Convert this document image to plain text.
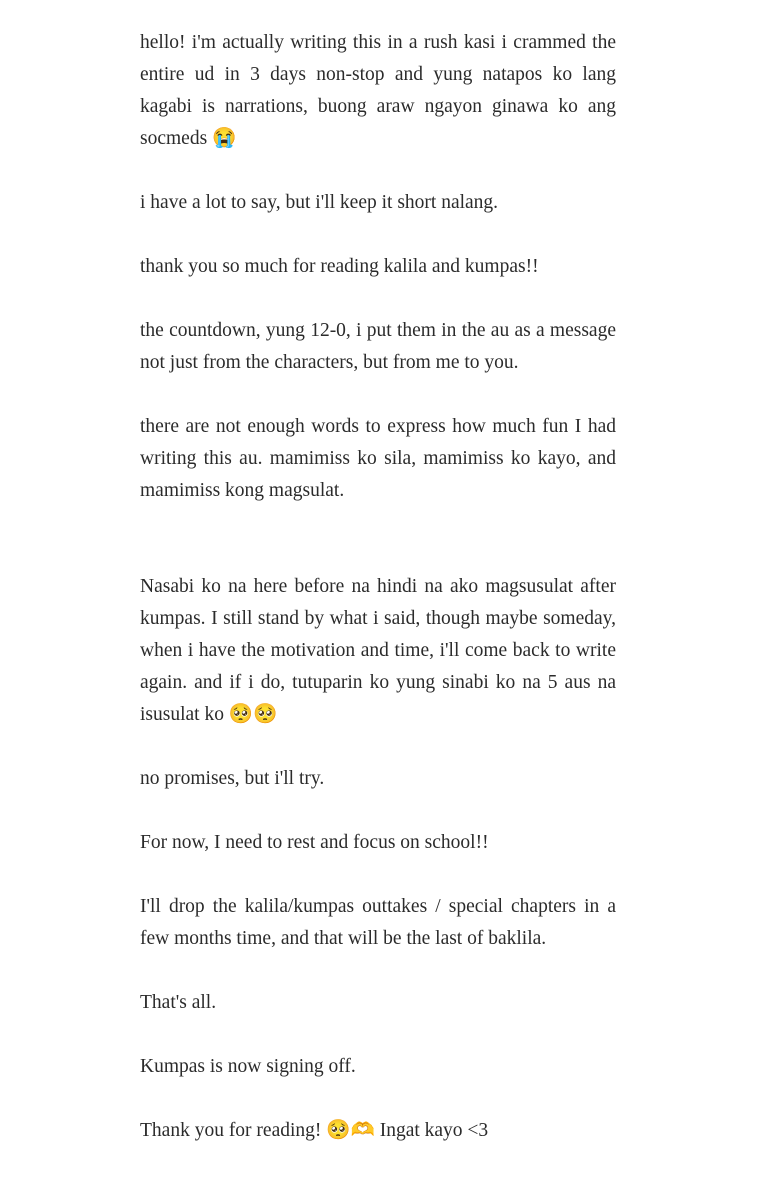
hello! i'm actually writing this in a rush kasi i crammed the entire ud in 3 days non-stop and yung natapos ko lang kagabi is narrations, buong araw ngayon ginawa ko ang socmeds 😭

i have a lot to say, but i'll keep it short nalang.

thank you so much for reading kalila and kumpas!!

the countdown, yung 12-0, i put them in the au as a message not just from the characters, but from me to you.

there are not enough words to express how much fun I had writing this au. mamimiss ko sila, mamimiss ko kayo, and mamimiss kong magsulat.

Nasabi ko na here before na hindi na ako magsusulat after kumpas. I still stand by what i said, though maybe someday, when i have the motivation and time, i'll come back to write again. and if i do, tutuparin ko yung sinabi ko na 5 aus na isusulat ko 🥺🥺

no promises, but i'll try.

For now, I need to rest and focus on school!!

I'll drop the kalila/kumpas outtakes / special chapters in a few months time, and that will be the last of baklila.

That's all.

Kumpas is now signing off.

Thank you for reading! 🥺🫶 Ingat kayo <3
